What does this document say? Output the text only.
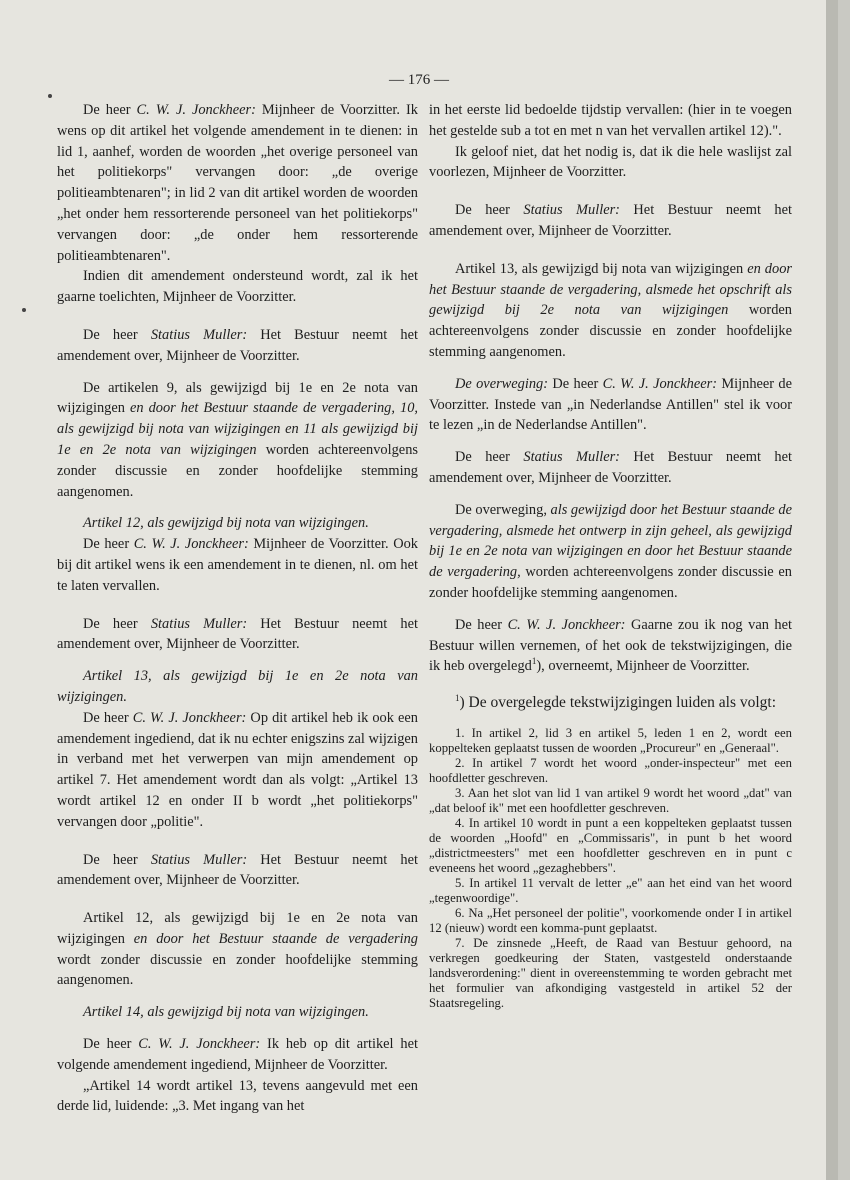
— 176 —

De heer C. W. J. Jonckheer: Mijnheer de Voorzitter. Ik wens op dit artikel het volgende amendement in te dienen: in lid 1, aanhef, worden de woorden „het overige personeel van het politiekorps" vervangen door: „de overige politieambtenaren"; in lid 2 van dit artikel worden de woorden „het onder hem ressorterende personeel van het politiekorps" vervangen door: „de onder hem ressorterende politieambtenaren".

Indien dit amendement ondersteund wordt, zal ik het gaarne toelichten, Mijnheer de Voorzitter.

De heer Statius Muller: Het Bestuur neemt het amendement over, Mijnheer de Voorzitter.

De artikelen 9, als gewijzigd bij 1e en 2e nota van wijzigingen en door het Bestuur staande de vergadering, 10, als gewijzigd bij nota van wijzigingen en 11 als gewijzigd bij 1e en 2e nota van wijzigingen worden achtereenvolgens zonder discussie en zonder hoofdelijke stemming aangenomen.

Artikel 12, als gewijzigd bij nota van wijzigingen.

De heer C. W. J. Jonckheer: Mijnheer de Voorzitter. Ook bij dit artikel wens ik een amendement in te dienen, nl. om het te laten vervallen.

De heer Statius Muller: Het Bestuur neemt het amendement over, Mijnheer de Voorzitter.

Artikel 13, als gewijzigd bij 1e en 2e nota van wijzigingen.

De heer C. W. J. Jonckheer: Op dit artikel heb ik ook een amendement ingediend, dat ik nu echter enigszins zal wijzigen in verband met het verwerpen van mijn amendement op artikel 7. Het amendement wordt dan als volgt: „Artikel 13 wordt artikel 12 en onder II b wordt „het politiekorps" vervangen door „politie".

De heer Statius Muller: Het Bestuur neemt het amendement over, Mijnheer de Voorzitter.

Artikel 12, als gewijzigd bij 1e en 2e nota van wijzigingen en door het Bestuur staande de vergadering wordt zonder discussie en zonder hoofdelijke stemming aangenomen.

Artikel 14, als gewijzigd bij nota van wijzigingen.

De heer C. W. J. Jonckheer: Ik heb op dit artikel het volgende amendement ingediend, Mijnheer de Voorzitter.

„Artikel 14 wordt artikel 13, tevens aangevuld met een derde lid, luidende: „3. Met ingang van het

in het eerste lid bedoelde tijdstip vervallen: (hier in te voegen het gestelde sub a tot en met n van het vervallen artikel 12).".

Ik geloof niet, dat het nodig is, dat ik die hele waslijst zal voorlezen, Mijnheer de Voorzitter.

De heer Statius Muller: Het Bestuur neemt het amendement over, Mijnheer de Voorzitter.

Artikel 13, als gewijzigd bij nota van wijzigingen en door het Bestuur staande de vergadering, alsmede het opschrift als gewijzigd bij 2e nota van wijzigingen worden achtereenvolgens zonder discussie en zonder hoofdelijke stemming aangenomen.

De overweging: De heer C. W. J. Jonckheer: Mijnheer de Voorzitter. Instede van „in Nederlandse Antillen" stel ik voor te lezen „in de Nederlandse Antillen".

De heer Statius Muller: Het Bestuur neemt het amendement over, Mijnheer de Voorzitter.

De overweging, als gewijzigd door het Bestuur staande de vergadering, alsmede het ontwerp in zijn geheel, als gewijzigd bij 1e en 2e nota van wijzigingen en door het Bestuur staande de vergadering, worden achtereenvolgens zonder discussie en zonder hoofdelijke stemming aangenomen.

De heer C. W. J. Jonckheer: Gaarne zou ik nog van het Bestuur willen vernemen, of het ook de tekstwijzigingen, die ik heb overgelegd$^1$), overneemt, Mijnheer de Voorzitter.

$^1$) De overgelegde tekstwijzigingen luiden als volgt:

1. In artikel 2, lid 3 en artikel 5, leden 1 en 2, wordt een koppelteken geplaatst tussen de woorden „Procureur" en „Generaal".

2. In artikel 7 wordt het woord „onder-inspecteur" met een hoofdletter geschreven.

3. Aan het slot van lid 1 van artikel 9 wordt het woord „dat" van „dat beloof ik" met een hoofdletter geschreven.

4. In artikel 10 wordt in punt a een koppelteken geplaatst tussen de woorden „Hoofd" en „Commissaris", in punt b het woord „districtmeesters" met een hoofdletter geschreven en in punt c eveneens het woord „gezaghebbers".

5. In artikel 11 vervalt de letter „e" aan het eind van het woord „tegenwoordige".

6. Na „Het personeel der politie", voorkomende onder I in artikel 12 (nieuw) wordt een komma-punt geplaatst.

7. De zinsnede „Heeft, de Raad van Bestuur gehoord, na verkregen goedkeuring der Staten, vastgesteld onderstaande landsverordening:" dient in overeenstemming te worden gebracht met het formulier van afkondiging vastgesteld in artikel 52 der Staatsregeling.
